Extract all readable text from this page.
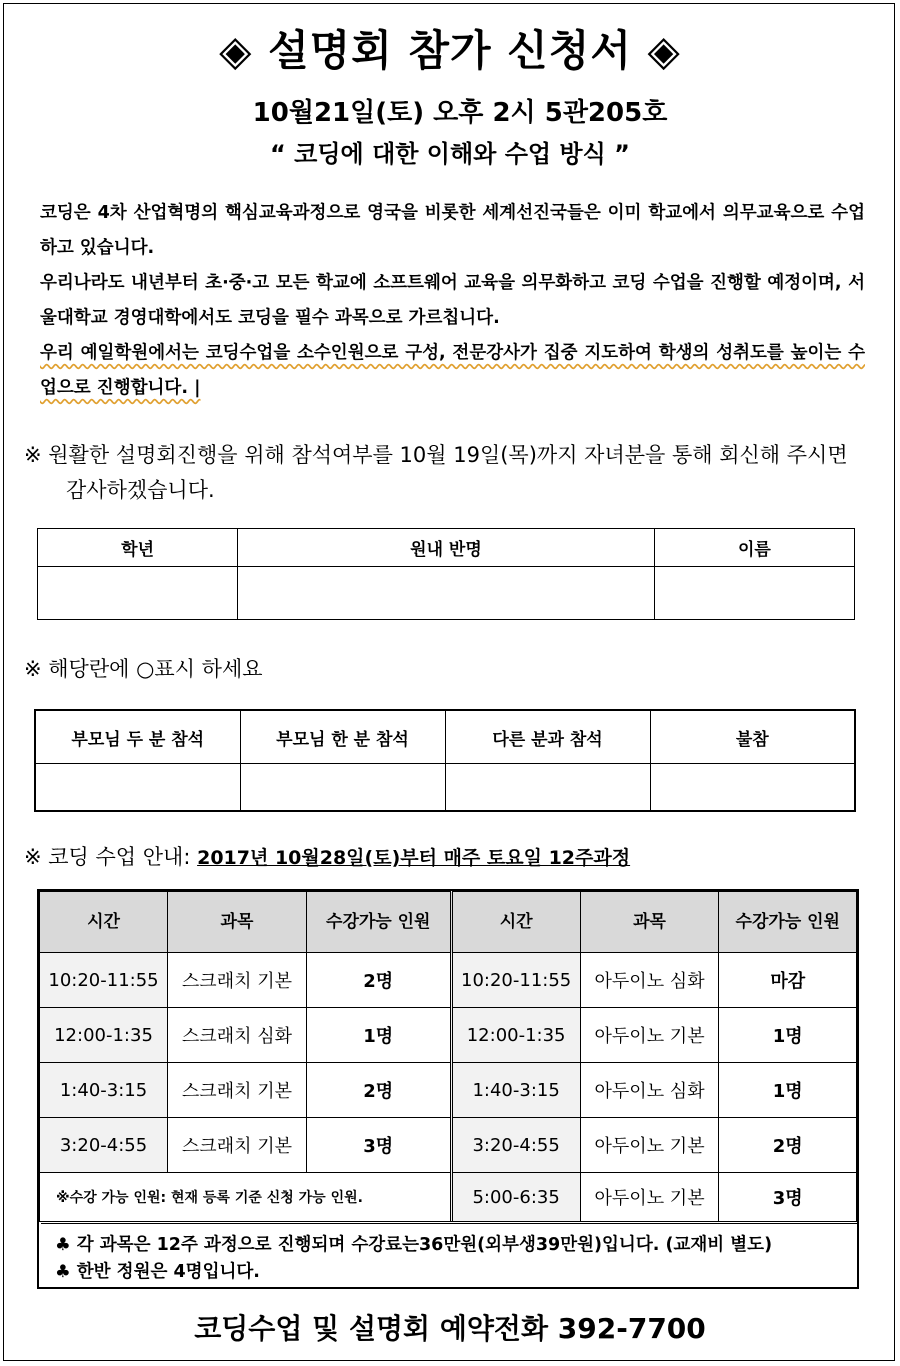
◈ 설명회 참가 신청서 ◈
10월21일(토) 오후 2시 5관205호
“ 코딩에 대한 이해와 수업 방식 ”

코딩은 4차 산업혁명의 핵심교육과정으로 영국을 비롯한 세계선진국들은 이미 학교에서 의무교육으로 수업하고 있습니다.

우리나라도 내년부터 초·중·고 모든 학교에 소프트웨어 교육을 의무화하고 코딩 수업을 진행할 예정이며, 서울대학교 경영대학에서도 코딩을 필수 과목으로 가르칩니다.

우리 예일학원에서는 코딩수업을 소수인원으로 구성, 전문강사가 집중 지도하여 학생의 성취도를 높이는 수업으로 진행합니다. |

※ 원활한 설명회진행을 위해 참석여부를 10월 19일(목)까지 자녀분을 통해 회신해 주시면 감사하겠습니다.
학년	원내 반명	이름

※ 해당란에 ○표시 하세요
부모님 두 분 참석	부모님 한 분 참석	다른 분과 참석	불참

※ 코딩 수업 안내: 2017년 10월28일(토)부터 매주 토요일 12주과정
시간	과목	수강가능 인원	시간	과목	수강가능 인원
10:20-11:55	스크래치 기본	2명	10:20-11:55	아두이노 심화	마감
12:00-1:35	스크래치 심화	1명	12:00-1:35	아두이노 기본	1명
1:40-3:15	스크래치 기본	2명	1:40-3:15	아두이노 심화	1명
3:20-4:55	스크래치 기본	3명	3:20-4:55	아두이노 기본	2명
※수강 가능 인원: 현재 등록 기준 신청 가능 인원.			5:00-6:35	아두이노 기본	3명
♣ 각 과목은 12주 과정으로 진행되며 수강료는36만원(외부생39만원)입니다. (교재비 별도)
♣ 한반 정원은 4명입니다.
코딩수업 및 설명회 예약전화 392-7700
